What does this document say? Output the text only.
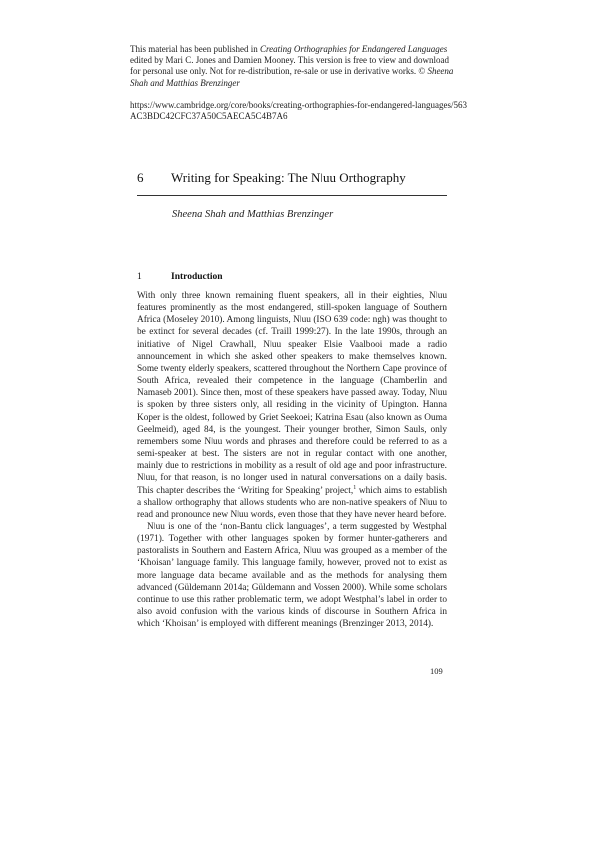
This material has been published in Creating Orthographies for Endangered Languages edited by Mari C. Jones and Damien Mooney. This version is free to view and download for personal use only. Not for re-distribution, re-sale or use in derivative works. © Sheena Shah and Matthias Brenzinger
https://www.cambridge.org/core/books/creating-orthographies-for-endangered-languages/563AC3BDC42CFC37A50C5AECA5C4B7A6
6 Writing for Speaking: The Nǀuu Orthography
Sheena Shah and Matthias Brenzinger
1	Introduction

With only three known remaining fluent speakers, all in their eighties, Nǀuu features prominently as the most endangered, still-spoken language of Southern Africa (Moseley 2010). Among linguists, Nǀuu (ISO 639 code: ngh) was thought to be extinct for several decades (cf. Traill 1999:27). In the late 1990s, through an initiative of Nigel Crawhall, Nǀuu speaker Elsie Vaalbooi made a radio announcement in which she asked other speakers to make themselves known. Some twenty elderly speakers, scattered throughout the Northern Cape province of South Africa, revealed their competence in the language (Chamberlin and Namaseb 2001). Since then, most of these speakers have passed away. Today, Nǀuu is spoken by three sisters only, all residing in the vicinity of Upington. Hanna Koper is the oldest, followed by Griet Seekoei; Katrina Esau (also known as Ouma Geelmeid), aged 84, is the youngest. Their younger brother, Simon Sauls, only remembers some Nǀuu words and phrases and therefore could be referred to as a semi-speaker at best. The sisters are not in regular contact with one another, mainly due to restrictions in mobility as a result of old age and poor infrastructure. Nǀuu, for that reason, is no longer used in natural conversations on a daily basis. This chapter describes the ‘Writing for Speaking’ project,$^1$ which aims to establish a shallow orthography that allows students who are non-native speakers of Nǀuu to read and pronounce new Nǀuu words, even those that they have never heard before.

Nǀuu is one of the ‘non-Bantu click languages’, a term suggested by Westphal (1971). Together with other languages spoken by former hunter-gatherers and pastoralists in Southern and Eastern Africa, Nǀuu was grouped as a member of the ‘Khoisan’ language family. This language family, however, proved not to exist as more language data became available and as the methods for analysing them advanced (Güldemann 2014a; Güldemann and Vossen 2000). While some scholars continue to use this rather problematic term, we adopt Westphal’s label in order to also avoid confusion with the various kinds of discourse in Southern Africa in which ‘Khoisan’ is employed with different meanings (Brenzinger 2013, 2014).

109
